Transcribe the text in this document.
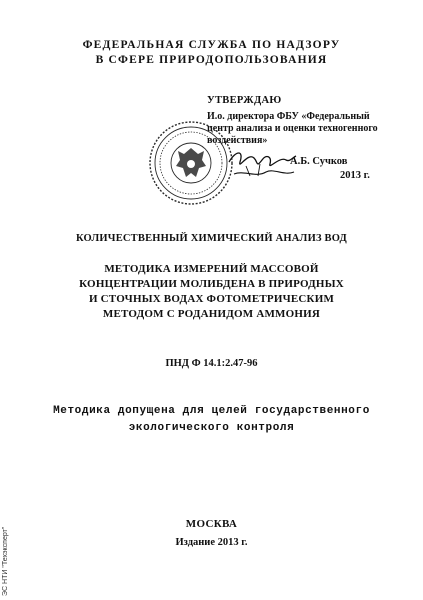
ФЕДЕРАЛЬНАЯ СЛУЖБА ПО НАДЗОРУ
В СФЕРЕ ПРИРОДОПОЛЬЗОВАНИЯ
УТВЕРЖДАЮ
И.о. директора ФБУ «Федеральный
центр анализа и оценки техногенного
воздействия»
А.Б. Сучков
2013 г.
КОЛИЧЕСТВЕННЫЙ ХИМИЧЕСКИЙ АНАЛИЗ ВОД
МЕТОДИКА ИЗМЕРЕНИЙ МАССОВОЙ
КОНЦЕНТРАЦИИ МОЛИБДЕНА В ПРИРОДНЫХ
И СТОЧНЫХ ВОДАХ ФОТОМЕТРИЧЕСКИМ
МЕТОДОМ С РОДАНИДОМ АММОНИЯ
ПНД Ф 14.1:2.47-96
Методика допущена для целей государственного
экологического контроля
МОСКВА
Издание 2013 г.
ЭС НТИ "Техэксперт"
